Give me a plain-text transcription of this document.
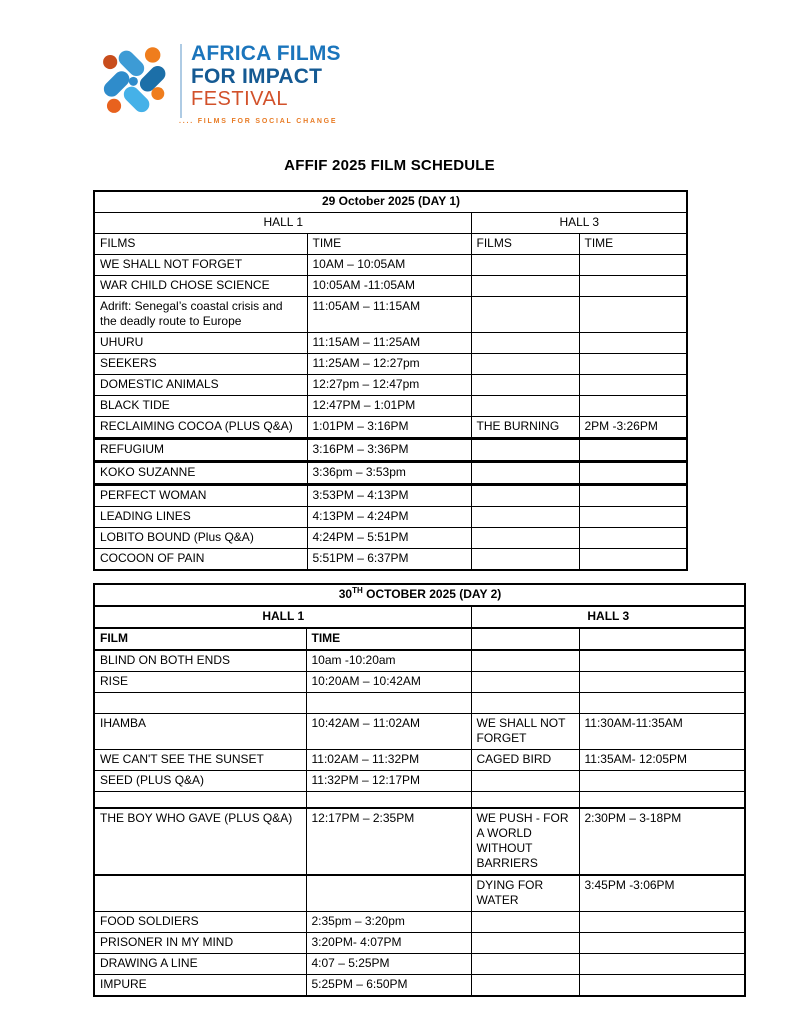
AFRICA FILMS
FOR IMPACT
FESTIVAL
.... FILMS FOR SOCIAL CHANGE
AFFIF 2025 FILM SCHEDULE
29 October 2025 (DAY 1)			
HALL 1		HALL 3	
FILMS	TIME	FILMS	TIME
WE SHALL NOT FORGET	10AM – 10:05AM		
WAR CHILD CHOSE SCIENCE	10:05AM -11:05AM		
Adrift: Senegal’s coastal crisis and the deadly route to Europe	11:05AM – 11:15AM		
UHURU	11:15AM – 11:25AM		
SEEKERS	11:25AM – 12:27pm		
DOMESTIC ANIMALS	12:27pm – 12:47pm		
BLACK TIDE	12:47PM – 1:01PM		
RECLAIMING COCOA (PLUS Q&A)	1:01PM – 3:16PM	THE BURNING	2PM -3:26PM
REFUGIUM	3:16PM – 3:36PM		
KOKO SUZANNE	3:36pm – 3:53pm		
PERFECT WOMAN	3:53PM – 4:13PM		
LEADING LINES	4:13PM – 4:24PM		
LOBITO BOUND (Plus Q&A)	4:24PM – 5:51PM		
COCOON OF PAIN	5:51PM – 6:37PM		
30TH OCTOBER 2025 (DAY 2)			
HALL 1		HALL 3	
FILM	TIME		
BLIND ON BOTH ENDS	10am -10:20am		
RISE	10:20AM – 10:42AM		

IHAMBA	10:42AM – 11:02AM	WE SHALL NOT FORGET	11:30AM-11:35AM
WE CAN'T SEE THE SUNSET	11:02AM – 11:32PM	CAGED BIRD	11:35AM- 12:05PM
SEED (PLUS Q&A)	11:32PM – 12:17PM		

THE BOY WHO GAVE (PLUS Q&A)	12:17PM – 2:35PM	WE PUSH - FOR A WORLD WITHOUT BARRIERS	2:30PM – 3-18PM
		DYING FOR WATER	3:45PM -3:06PM
FOOD SOLDIERS	2:35pm – 3:20pm		
PRISONER IN MY MIND	3:20PM- 4:07PM		
DRAWING A LINE	4:07 – 5:25PM		
IMPURE	5:25PM – 6:50PM		
